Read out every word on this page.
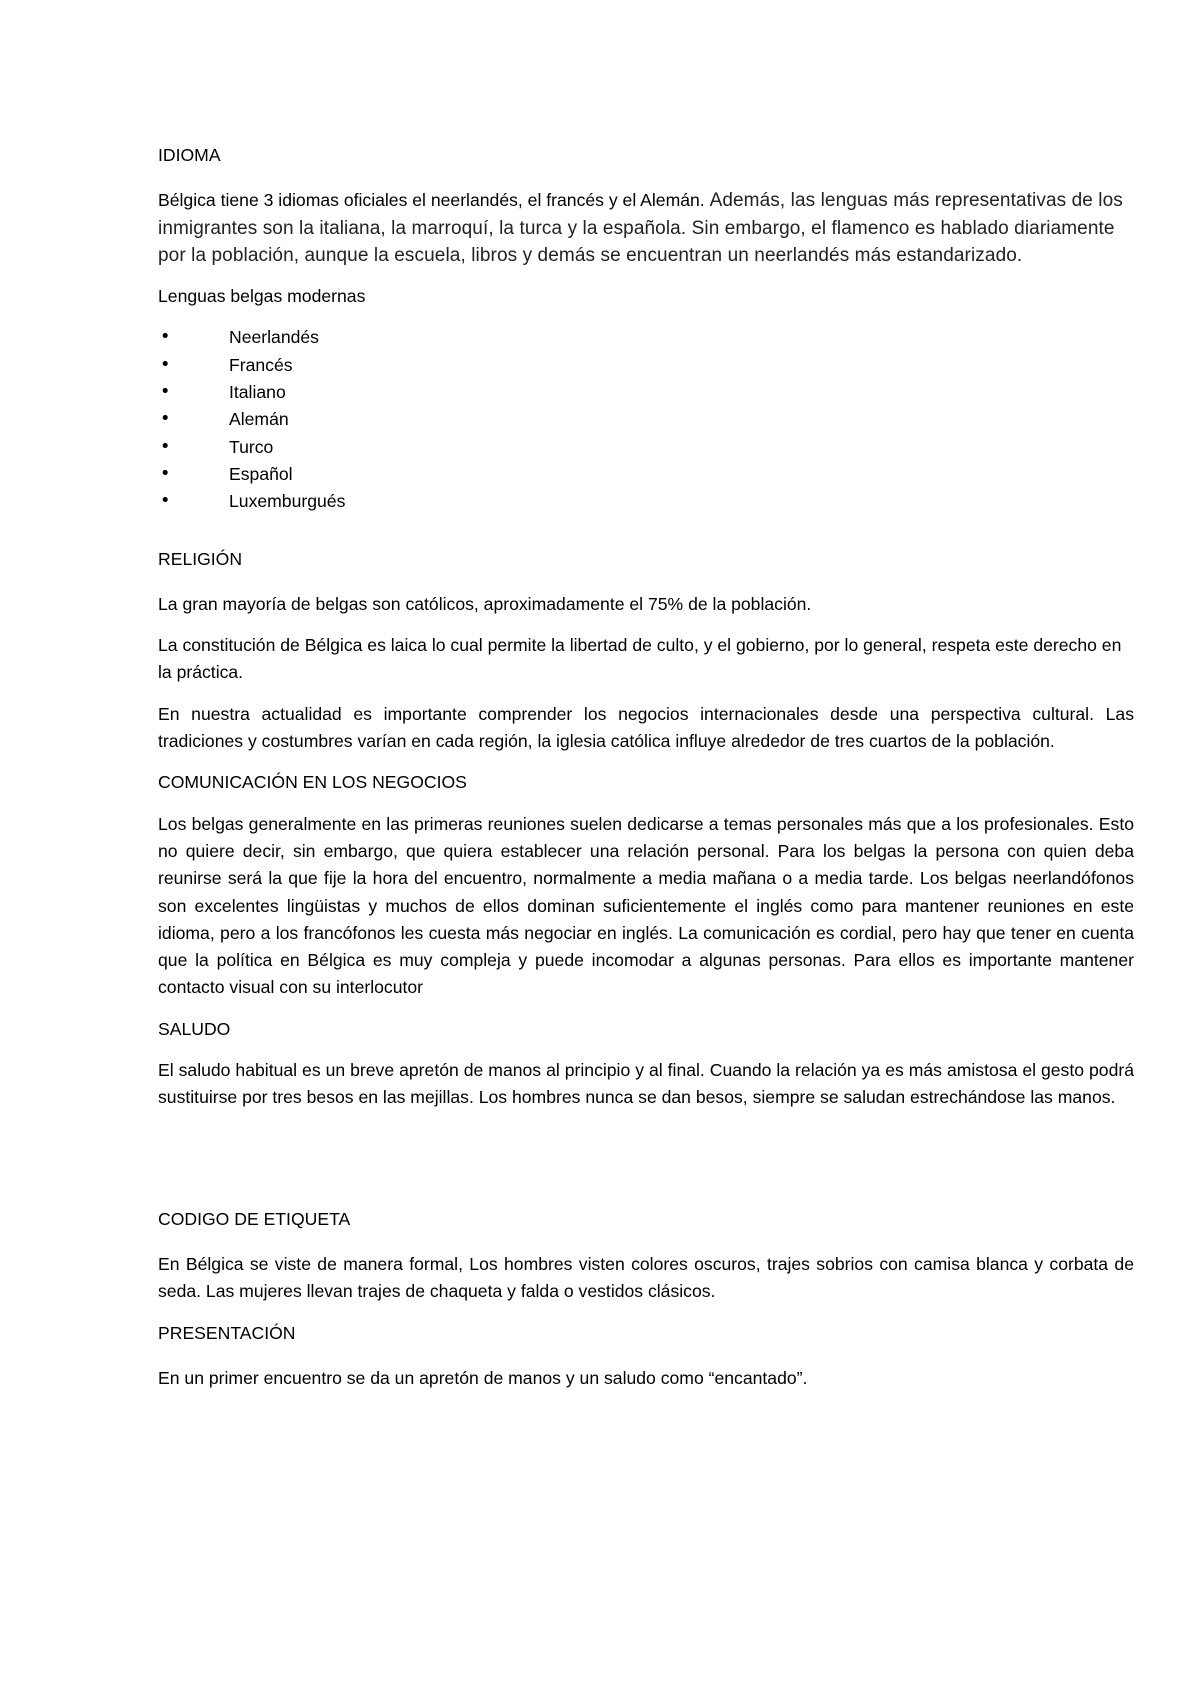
IDIOMA

Bélgica tiene 3 idiomas oficiales el neerlandés, el francés y el Alemán. Además, las lenguas más representativas de los inmigrantes son la italiana, la marroquí, la turca y la española. Sin embargo, el flamenco es hablado diariamente por la población, aunque la escuela, libros y demás se encuentran un neerlandés más estandarizado.

Lenguas belgas modernas

•	Neerlandés
•	Francés
•	Italiano
•	Alemán
•	Turco
•	Español
•	Luxemburgués

RELIGIÓN

La gran mayoría de belgas son católicos, aproximadamente el 75% de la población.

La constitución de Bélgica es laica lo cual permite la libertad de culto, y el gobierno, por lo general, respeta este derecho en la práctica.

En nuestra actualidad es importante comprender los negocios internacionales desde una perspectiva cultural. Las tradiciones y costumbres varían en cada región, la iglesia católica influye alrededor de tres cuartos de la población.

COMUNICACIÓN EN LOS NEGOCIOS

Los belgas generalmente en las primeras reuniones suelen dedicarse a temas personales más que a los profesionales. Esto no quiere decir, sin embargo, que quiera establecer una relación personal. Para los belgas la persona con quien deba reunirse será la que fije la hora del encuentro, normalmente a media mañana o a media tarde. Los belgas neerlandófonos son excelentes lingüistas y muchos de ellos dominan suficientemente el inglés como para mantener reuniones en este idioma, pero a los francófonos les cuesta más negociar en inglés. La comunicación es cordial, pero hay que tener en cuenta que la política en Bélgica es muy compleja y puede incomodar a algunas personas. Para ellos es importante mantener contacto visual con su interlocutor

SALUDO

El saludo habitual es un breve apretón de manos al principio y al final. Cuando la relación ya es más amistosa el gesto podrá sustituirse por tres besos en las mejillas. Los hombres nunca se dan besos, siempre se saludan estrechándose las manos.

CODIGO DE ETIQUETA

En Bélgica se viste de manera formal, Los hombres visten colores oscuros, trajes sobrios con camisa blanca y corbata de seda. Las mujeres llevan trajes de chaqueta y falda o vestidos clásicos.

PRESENTACIÓN

En un primer encuentro se da un apretón de manos y un saludo como “encantado”.
